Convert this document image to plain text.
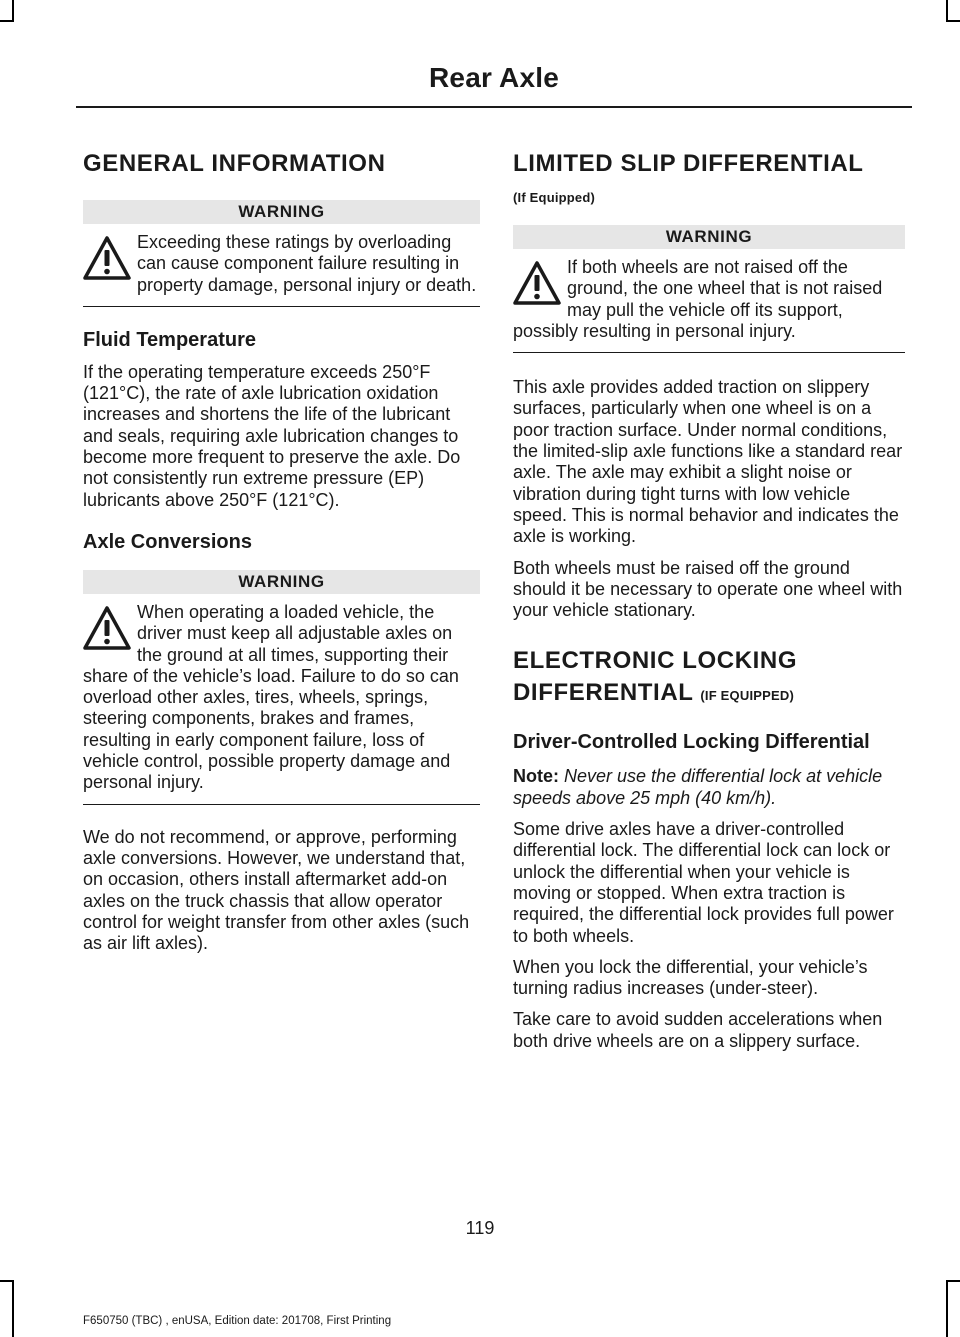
Rear Axle
GENERAL INFORMATION
WARNING
Exceeding these ratings by overloading can cause component failure resulting in property damage, personal injury or death.
Fluid Temperature

If the operating temperature exceeds 250°F (121°C), the rate of axle lubrication oxidation increases and shortens the life of the lubricant and seals, requiring axle lubrication changes to become more frequent to preserve the axle. Do not consistently run extreme pressure (EP) lubricants above 250°F (121°C).

Axle Conversions
WARNING
When operating a loaded vehicle, the driver must keep all adjustable axles on the ground at all times, supporting their share of the vehicle’s load. Failure to do so can overload other axles, tires, wheels, springs, steering components, brakes and frames, resulting in early component failure, loss of vehicle control, possible property damage and personal injury.

We do not recommend, or approve, performing axle conversions. However, we understand that, on occasion, others install aftermarket add-on axles on the truck chassis that allow operator control for weight transfer from other axles (such as air lift axles).

LIMITED SLIP DIFFERENTIAL
(If Equipped)
WARNING
If both wheels are not raised off the ground, the one wheel that is not raised may pull the vehicle off its support, possibly resulting in personal injury.

This axle provides added traction on slippery surfaces, particularly when one wheel is on a poor traction surface. Under normal conditions, the limited-slip axle functions like a standard rear axle. The axle may exhibit a slight noise or vibration during tight turns with low vehicle speed. This is normal behavior and indicates the axle is working.

Both wheels must be raised off the ground should it be necessary to operate one wheel with your vehicle stationary.

ELECTRONIC LOCKING
DIFFERENTIAL (IF EQUIPPED)
Driver-Controlled Locking Differential

Note: Never use the differential lock at vehicle speeds above 25 mph (40 km/h).

Some drive axles have a driver-controlled differential lock. The differential lock can lock or unlock the differential when your vehicle is moving or stopped. When extra traction is required, the differential lock provides full power to both wheels.

When you lock the differential, your vehicle’s turning radius increases (under-steer).

Take care to avoid sudden accelerations when both drive wheels are on a slippery surface.

119
F650750 (TBC) , enUSA, Edition date: 201708, First Printing
